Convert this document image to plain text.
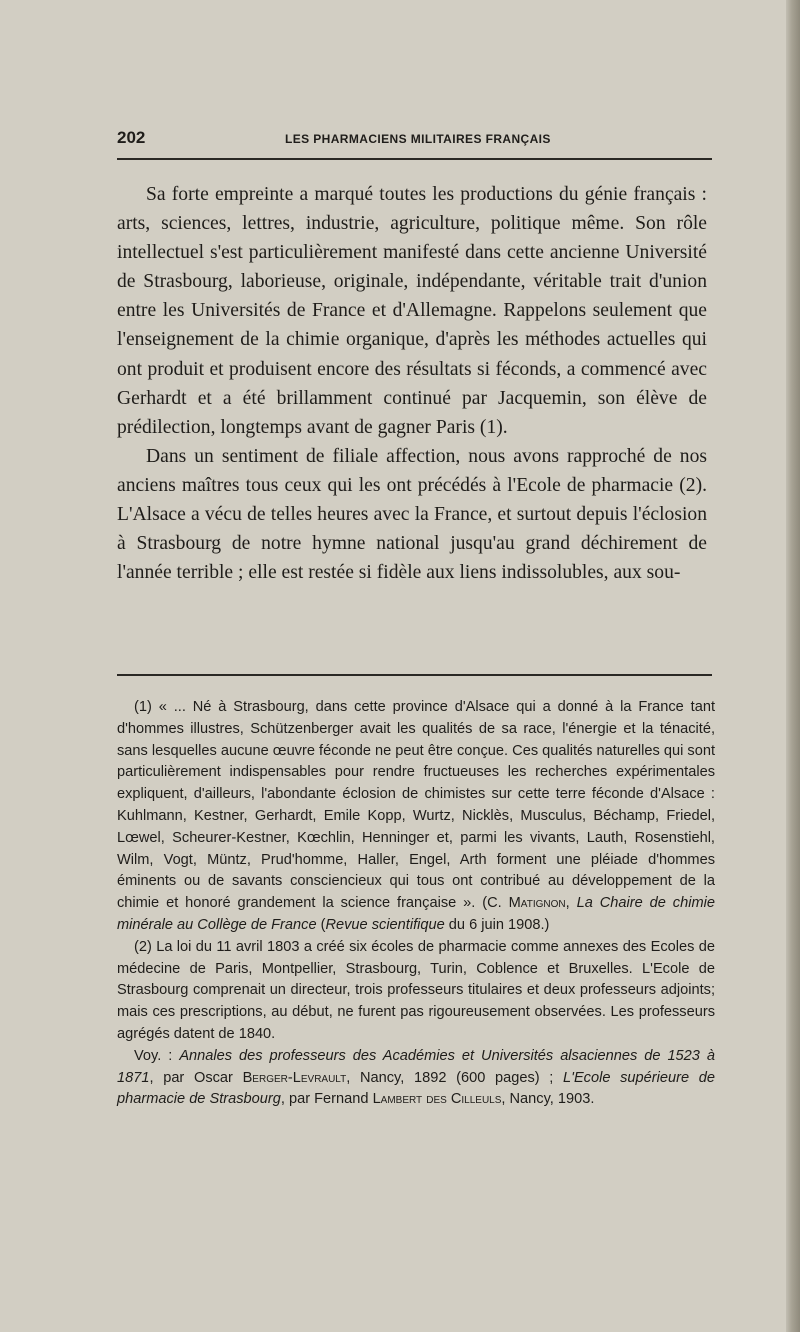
202	LES PHARMACIENS MILITAIRES FRANÇAIS

Sa forte empreinte a marqué toutes les productions du génie français : arts, sciences, lettres, industrie, agriculture, politique même. Son rôle intellectuel s'est particulièrement manifesté dans cette ancienne Université de Strasbourg, laborieuse, originale, indépendante, véritable trait d'union entre les Universités de France et d'Allemagne. Rappelons seulement que l'enseignement de la chimie organique, d'après les méthodes actuelles qui ont produit et produisent encore des résultats si féconds, a commencé avec Gerhardt et a été brillamment continué par Jacquemin, son élève de prédilection, longtemps avant de gagner Paris (1).

Dans un sentiment de filiale affection, nous avons rapproché de nos anciens maîtres tous ceux qui les ont précédés à l'Ecole de pharmacie (2). L'Alsace a vécu de telles heures avec la France, et surtout depuis l'éclosion à Strasbourg de notre hymne national jusqu'au grand déchirement de l'année terrible ; elle est restée si fidèle aux liens indissolubles, aux sou-

(1) « ... Né à Strasbourg, dans cette province d'Alsace qui a donné à la France tant d'hommes illustres, Schützenberger avait les qualités de sa race, l'énergie et la ténacité, sans lesquelles aucune œuvre féconde ne peut être conçue. Ces qualités naturelles qui sont particulièrement indispensables pour rendre fructueuses les recherches expérimentales expliquent, d'ailleurs, l'abondante éclosion de chimistes sur cette terre féconde d'Alsace : Kuhlmann, Kestner, Gerhardt, Emile Kopp, Wurtz, Nicklès, Musculus, Béchamp, Friedel, Lœwel, Scheurer-Kestner, Kœchlin, Henninger et, parmi les vivants, Lauth, Rosenstiehl, Wilm, Vogt, Müntz, Prud'homme, Haller, Engel, Arth forment une pléiade d'hommes éminents ou de savants consciencieux qui tous ont contribué au développement de la chimie et honoré grandement la science française ». (C. Matignon, La Chaire de chimie minérale au Collège de France (Revue scientifique du 6 juin 1908.)

(2) La loi du 11 avril 1803 a créé six écoles de pharmacie comme annexes des Ecoles de médecine de Paris, Montpellier, Strasbourg, Turin, Coblence et Bruxelles. L'Ecole de Strasbourg comprenait un directeur, trois professeurs titulaires et deux professeurs adjoints; mais ces prescriptions, au début, ne furent pas rigoureusement observées. Les professeurs agrégés datent de 1840.

Voy. : Annales des professeurs des Académies et Universités alsaciennes de 1523 à 1871, par Oscar Berger-Levrault, Nancy, 1892 (600 pages) ; L'Ecole supérieure de pharmacie de Strasbourg, par Fernand Lambert des Cilleuls, Nancy, 1903.
